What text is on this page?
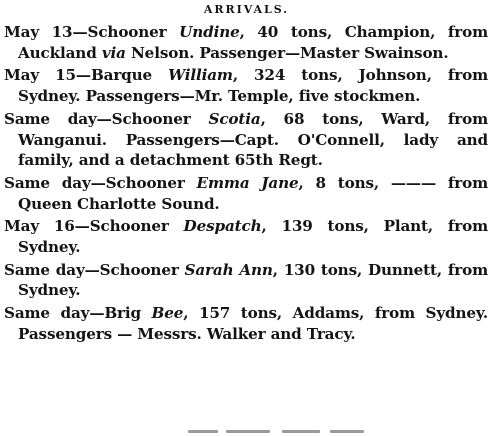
ARRIVALS.
May 13—Schooner Undine, 40 tons, Champion, from Auckland via Nelson. Passenger—Master Swainson.
May 15—Barque William, 324 tons, Johnson, from Sydney. Passengers—Mr. Temple, five stockmen.
Same day—Schooner Scotia, 68 tons, Ward, from Wanganui. Passengers—Capt. O'Connell, lady and family, and a detachment 65th Regt.
Same day—Schooner Emma Jane, 8 tons, ——— from Queen Charlotte Sound.
May 16—Schooner Despatch, 139 tons, Plant, from Sydney.
Same day—Schooner Sarah Ann, 130 tons, Dunnett, from Sydney.
Same day—Brig Bee, 157 tons, Addams, from Sydney. Passengers — Messrs. Walker and Tracy.
